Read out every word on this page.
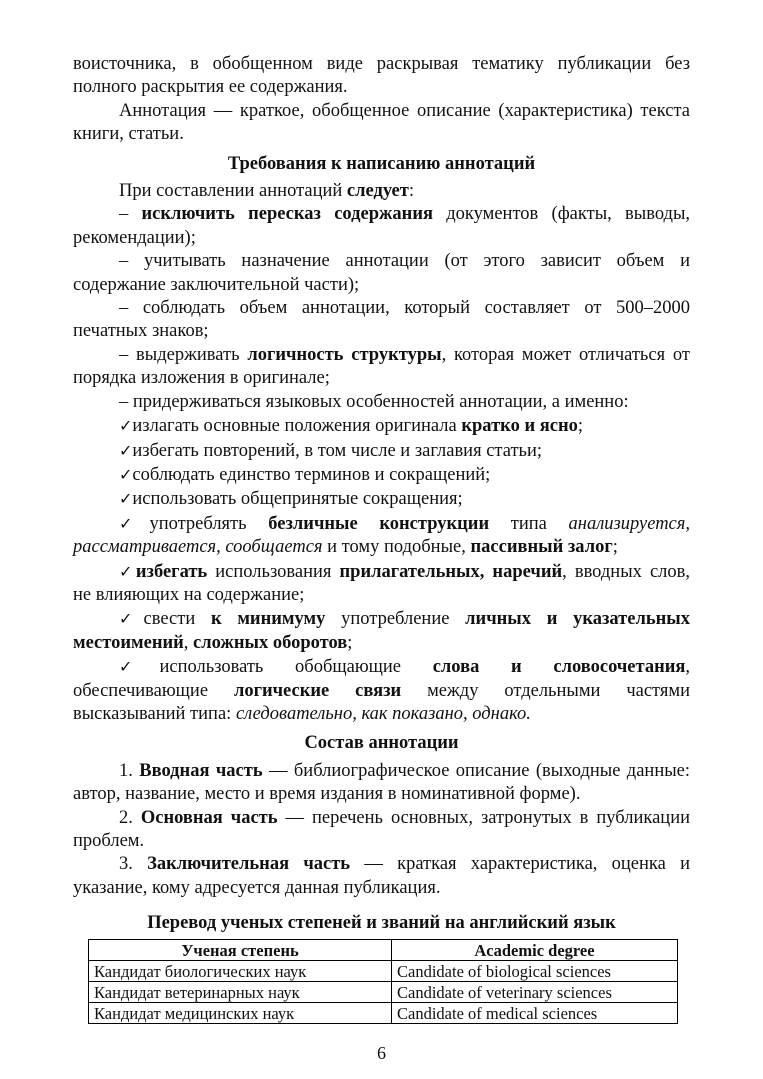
воисточника, в обобщенном виде раскрывая тематику публикации без полного раскрытия ее содержания.

Аннотация — краткое, обобщенное описание (характеристика) текста книги, статьи.

Требования к написанию аннотаций

При составлении аннотаций следует:

– исключить пересказ содержания документов (факты, выводы, рекомендации);

– учитывать назначение аннотации (от этого зависит объем и содержание заключительной части);

– соблюдать объем аннотации, который составляет от 500–2000 печатных знаков;

– выдерживать логичность структуры, которая может отличаться от порядка изложения в оригинале;

– придерживаться языковых особенностей аннотации, а именно:

✓излагать основные положения оригинала кратко и ясно;

✓избегать повторений, в том числе и заглавия статьи;

✓соблюдать единство терминов и сокращений;

✓использовать общепринятые сокращения;

✓употреблять безличные конструкции типа анализируется, рассматривается, сообщается и тому подобные, пассивный залог;

✓избегать использования прилагательных, наречий, вводных слов, не влияющих на содержание;

✓свести к минимуму употребление личных и указательных местоимений, сложных оборотов;

✓использовать обобщающие слова и словосочетания, обеспечивающие логические связи между отдельными частями высказываний типа: следовательно, как показано, однако.

Состав аннотации

1. Вводная часть — библиографическое описание (выходные данные: автор, название, место и время издания в номинативной форме).

2. Основная часть — перечень основных, затронутых в публикации проблем.

3. Заключительная часть — краткая характеристика, оценка и указание, кому адресуется данная публикация.

Перевод ученых степеней и званий на английский язык

Ученая степень	Academic degree
Кандидат биологических наук	Candidate of biological sciences
Кандидат ветеринарных наук	Candidate of veterinary sciences
Кандидат медицинских наук	Candidate of medical sciences
6
